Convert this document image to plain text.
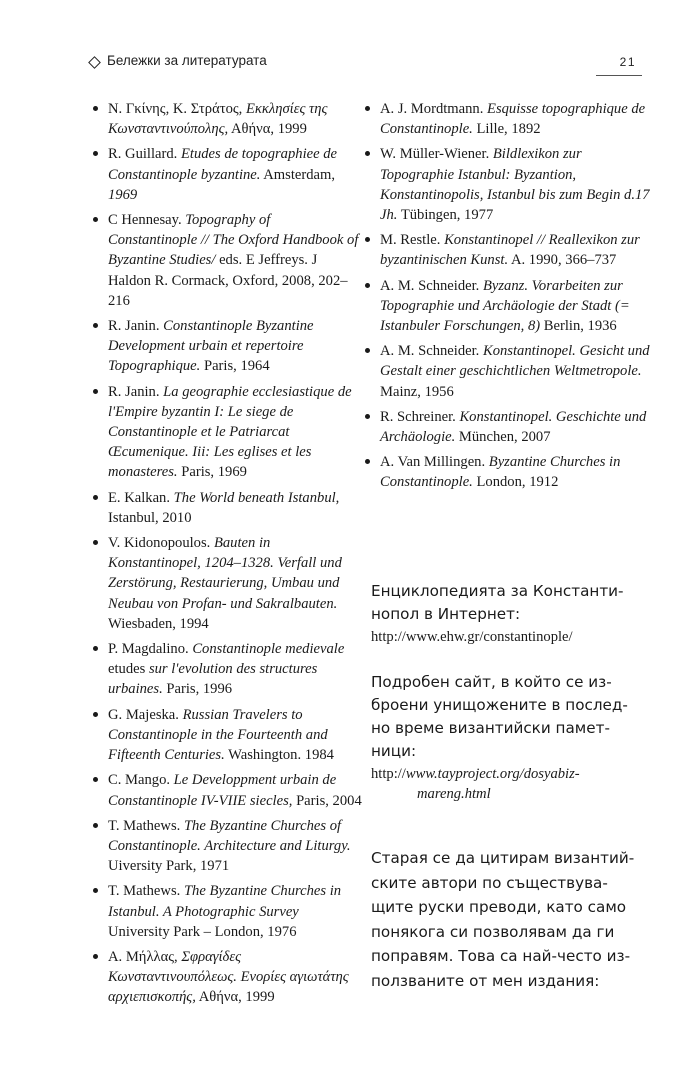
Бележки за литературата	21
Ν. Γκίνης, Κ. Στράτος, Εκκλησίες της Κωνσταντινούπολης, Αθήνα, 1999
R. Guillard. Etudes de topographiee de Constantinople byzantine. Amsterdam, 1969
C Hennesay. Topography of Constantinople // The Oxford Handbook of Byzantine Studies/ eds. E Jeffreys. J Haldon R. Cormack, Oxford, 2008, 202–216
R. Janin. Constantinople Byzantine Development urbain et repertoire Topographique. Paris, 1964
R. Janin. La geographie ecclesiastique de l'Empire byzantin I: Le siege de Constantinople et le Patriarcat Œcumenique. Iii: Les eglises et les monasteres. Paris, 1969
E. Kalkan. The World beneath Istanbul, Istanbul, 2010
V. Kidonopoulos. Bauten in Konstantinopel, 1204–1328. Verfall und Zerstörung, Restaurierung, Umbau und Neubau von Profan- und Sakralbauten. Wiesbaden, 1994
P. Magdalino. Constantinople medievale etudes sur l'evolution des structures urbaines. Paris, 1996
G. Majeska. Russian Travelers to Constantinople in the Fourteenth and Fifteenth Centuries. Washington. 1984
C. Mango. Le Developpment urbain de Constantinople IV-VIIE siecles, Paris, 2004
T. Mathews. The Byzantine Churches of Constantinople. Architecture and Liturgy. Uiversity Park, 1971
T. Mathews. The Byzantine Churches in Istanbul. A Photographic Survey University Park – London, 1976
Α. Μήλλας, Σφραγίδες Κωνσταντινουπόλεως. Ενορίες αγιωτάτης αρχιεπισκοπής, Αθήνα, 1999
A. J. Mordtmann. Esquisse topographique de Constantinople. Lille, 1892
W. Müller-Wiener. Bildlexikon zur Topographie Istanbul: Byzantion, Konstantinopolis, Istanbul bis zum Begin d.17 Jh. Tübingen, 1977
M. Restle. Konstantinopel // Reallexikon zur byzantinischen Kunst. A. 1990, 366–737
A. M. Schneider. Byzanz. Vorarbeiten zur Topographie und Archäologie der Stadt (= Istanbuler Forschungen, 8) Berlin, 1936
A. M. Schneider. Konstantinopel. Gesicht und Gestalt einer geschichtlichen Weltmetropole. Mainz, 1956
R. Schreiner. Konstantinopel. Geschichte und Archäologie. München, 2007
A. Van Millingen. Byzantine Churches in Constantinople. London, 1912
Енциклопедията за Константи-
нопол в Интернет:
http://www.ehw.gr/constantinople/
Подробен сайт, в който се из-
броени унищожените в послед-
но време византийски памет-
ници:
http://www.tayproject.org/dosyabiz-
mareng.html
Старая се да цитирам византий-
ските автори по съществува-
щите руски преводи, като само
понякога си позволявам да ги
поправям. Това са най-често из-
ползваните от мен издания:
